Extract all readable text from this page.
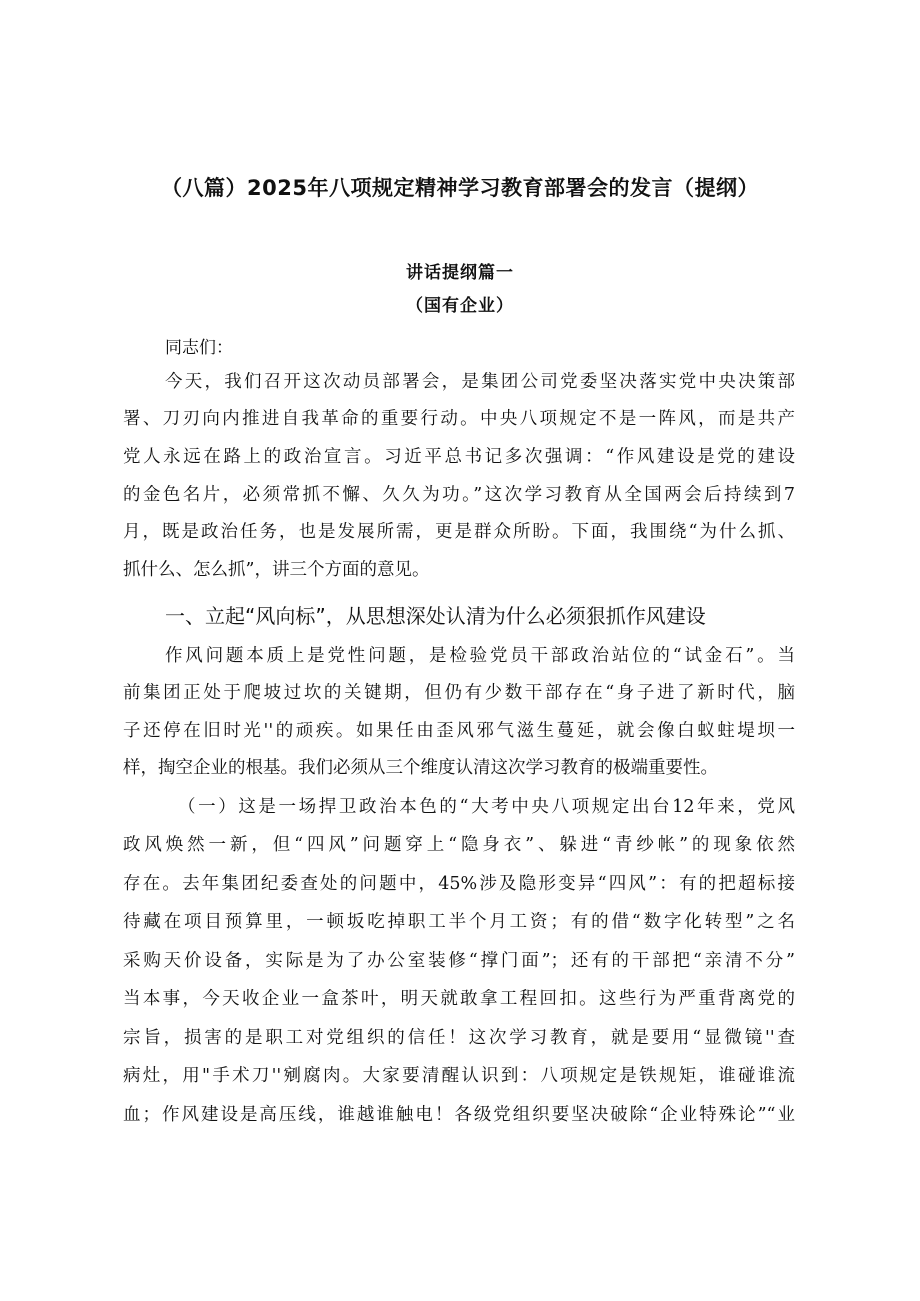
（八篇）2025年八项规定精神学习教育部署会的发言（提纲）
讲话提纲篇一
（国有企业）
同志们：
今天，我们召开这次动员部署会，是集团公司党委坚决落实党中央决策部
署、刀刃向内推进自我革命的重要行动。中央八项规定不是一阵风，而是共产
党人永远在路上的政治宣言。习近平总书记多次强调：“作风建设是党的建设
的金色名片，必须常抓不懈、久久为功。”这次学习教育从全国两会后持续到7
月，既是政治任务，也是发展所需，更是群众所盼。下面，我围绕“为什么抓、
抓什么、怎么抓”，讲三个方面的意见。
一、立起“风向标”，从思想深处认清为什么必须狠抓作风建设
作风问题本质上是党性问题，是检验党员干部政治站位的“试金石”。当
前集团正处于爬坡过坎的关键期，但仍有少数干部存在“身子进了新时代，脑
子还停在旧时光''的顽疾。如果任由歪风邪气滋生蔓延，就会像白蚁蛀堤坝一
样，掏空企业的根基。我们必须从三个维度认清这次学习教育的极端重要性。
（一）这是一场捍卫政治本色的“大考中央八项规定出台12年来，党风
政风焕然一新，但“四风”问题穿上“隐身衣”、躲进“青纱帐”的现象依然
存在。去年集团纪委查处的问题中，45%涉及隐形变异“四风”：有的把超标接
待藏在项目预算里，一顿坂吃掉职工半个月工资；有的借“数字化转型”之名
采购天价设备，实际是为了办公室装修“撑门面”；还有的干部把“亲清不分”
当本事，今天收企业一盒茶叶，明天就敢拿工程回扣。这些行为严重背离党的
宗旨，损害的是职工对党组织的信任！这次学习教育，就是要用“显微镜''查
病灶，用"手术刀''剜腐肉。大家要清醒认识到：八项规定是铁规矩，谁碰谁流
血；作风建设是高压线，谁越谁触电！各级党组织要坚决破除“企业特殊论”“业
